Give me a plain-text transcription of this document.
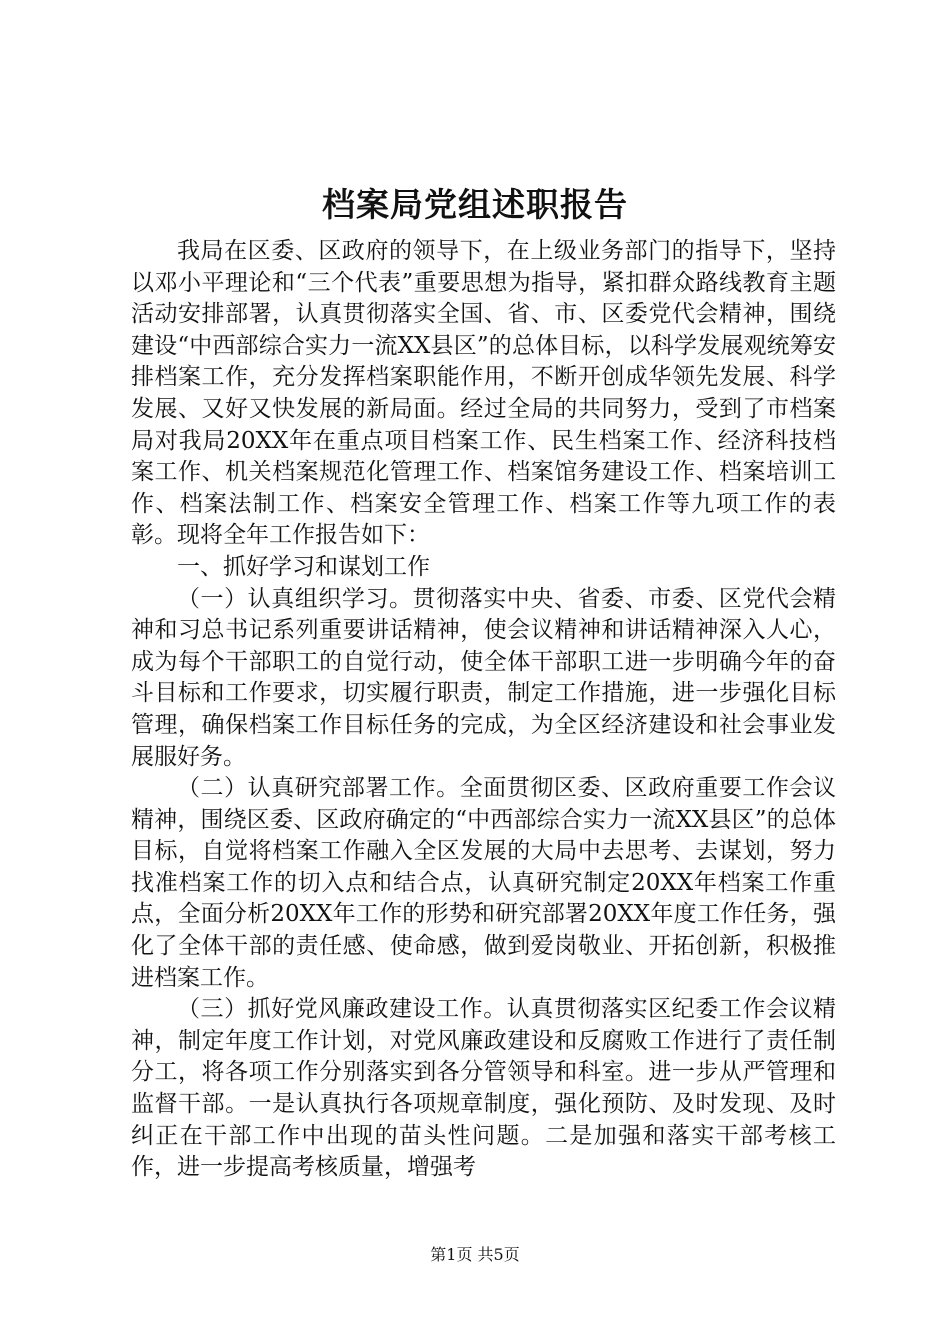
档案局党组述职报告

我局在区委、区政府的领导下，在上级业务部门的指导下，坚持以邓小平理论和“三个代表”重要思想为指导，紧扣群众路线教育主题活动安排部署，认真贯彻落实全国、省、市、区委党代会精神，围绕建设“中西部综合实力一流XX县区”的总体目标，以科学发展观统筹安排档案工作，充分发挥档案职能作用，不断开创成华领先发展、科学发展、又好又快发展的新局面。经过全局的共同努力，受到了市档案局对我局20XX年在重点项目档案工作、民生档案工作、经济科技档案工作、机关档案规范化管理工作、档案馆务建设工作、档案培训工作、档案法制工作、档案安全管理工作、档案工作等九项工作的表彰。现将全年工作报告如下：

一、抓好学习和谋划工作

（一）认真组织学习。贯彻落实中央、省委、市委、区党代会精神和习总书记系列重要讲话精神，使会议精神和讲话精神深入人心，成为每个干部职工的自觉行动，使全体干部职工进一步明确今年的奋斗目标和工作要求，切实履行职责，制定工作措施，进一步强化目标管理，确保档案工作目标任务的完成，为全区经济建设和社会事业发展服好务。

（二）认真研究部署工作。全面贯彻区委、区政府重要工作会议精神，围绕区委、区政府确定的“中西部综合实力一流XX县区”的总体目标，自觉将档案工作融入全区发展的大局中去思考、去谋划，努力找准档案工作的切入点和结合点，认真研究制定20XX年档案工作重点，全面分析20XX年工作的形势和研究部署20XX年度工作任务，强化了全体干部的责任感、使命感，做到爱岗敬业、开拓创新，积极推进档案工作。

（三）抓好党风廉政建设工作。认真贯彻落实区纪委工作会议精神，制定年度工作计划，对党风廉政建设和反腐败工作进行了责任制分工，将各项工作分别落实到各分管领导和科室。进一步从严管理和监督干部。一是认真执行各项规章制度，强化预防、及时发现、及时纠正在干部工作中出现的苗头性问题。二是加强和落实干部考核工作，进一步提高考核质量，增强考

第1页 共5页
